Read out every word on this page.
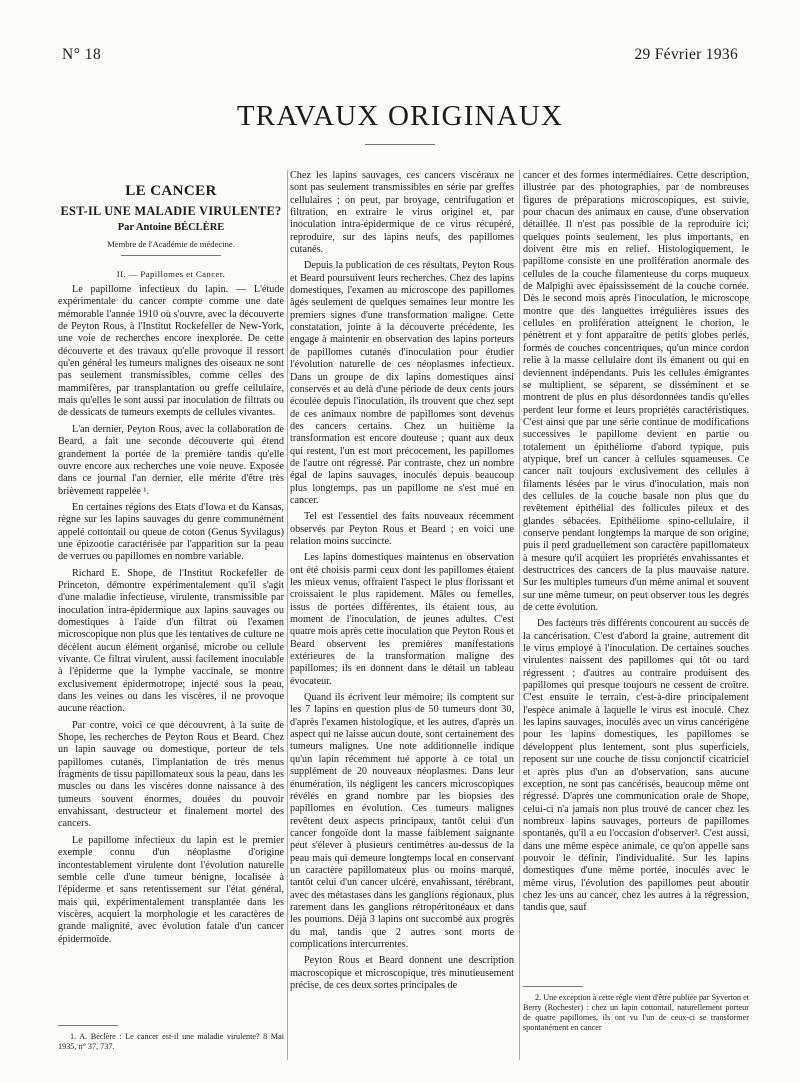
N° 18	29 Février 1936
TRAVAUX ORIGINAUX

LE CANCER

EST-IL UNE MALADIE VIRULENTE?

Par Antoine BÉCLÈRE

Membre de l'Académie de médecine.

II. — Papillomes et Cancer.

Le papillome infectieux du lapin. — L'étude expérimentale du cancer compte comme une date mémorable l'année 1910 où s'ouvre, avec la découverte de Peyton Rous, à l'Institut Rockefeller de New-York, une voie de recherches encore inexplorée. De cette découverte et des travaux qu'elle provoque il ressort qu'en général les tumeurs malignes des oiseaux ne sont pas seulement transmissibles, comme celles des mammifères, par transplantation ou greffe cellulaire, mais qu'elles le sont aussi par inoculation de filtrats ou de dessicats de tumeurs exempts de cellules vivantes.

L'an dernier, Peyton Rous, avec la collaboration de Beard, a fait une seconde découverte qui étend grandement la portée de la première tandis qu'elle ouvre encore aux recherches une voie neuve. Exposée dans ce journal l'an dernier, elle mérite d'être très brièvement rappelée ¹.

En certaines régions des Etats d'Iowa et du Kansas, règne sur les lapins sauvages du genre communément appelé cottontail ou queue de coton (Genus Syvilagus) une épizootie caractérisée par l'apparition sur la peau de verrues ou papillomes en nombre variable.

Richard E. Shope, de l'Institut Rockefeller de Princeton, démontre expérimentalement qu'il s'agit d'une maladie infectieuse, virulente, transmissible par inoculation intra-épidermique aux lapins sauvages ou domestiques à l'aide d'un filtrat où l'examen microscopique non plus que les tentatives de culture ne décèlent aucun élément organisé, microbe ou cellule vivante. Ce filtrat virulent, aussi facilement inoculable à l'épiderme que la lymphe vaccinale, se montre exclusivement épidermotrope; injecté sous la peau, dans les veines ou dans les viscères, il ne provoque aucune réaction.

Par contre, voici ce que découvrent, à la suite de Shope, les recherches de Peyton Rous et Beard. Chez un lapin sauvage ou domestique, porteur de tels papillomes cutanés, l'implantation de très menus fragments de tissu papillomateux sous la peau, dans les muscles ou dans les viscères donne naissance à des tumeurs souvent énormes, douées du pouvoir envahissant, destructeur et finalement mortel des cancers.

Le papillome infectieux du lapin est le premier exemple connu d'un néoplasme d'origine incontestablement virulente dont l'évolution naturelle semble celle d'une tumeur bénigne, localisée à l'épiderme et sans retentissement sur l'état général, mais qui, expérimentalement transplantée dans les viscères, acquiert la morphologie et les caractères de grande malignité, avec évolution fatale d'un cancer épidermoïde.

1. A. Béclère : Le cancer est-il une maladie virulente? 8 Mai 1935, n° 37, 737.

Chez les lapins sauvages, ces cancers viscéraux ne sont pas seulement transmissibles en série par greffes cellulaires ; on peut, par broyage, centrifugation et filtration, en extraire le virus originel et, par inoculation intra-épidermique de ce virus récupéré, reproduire, sur des lapins neufs, des papillomes cutanés.

Depuis la publication de ces résultats, Peyton Rous et Beard poursuivent leurs recherches. Chez des lapins domestiques, l'examen au microscope des papillomes âgés seulement de quelques semaines leur montre les premiers signes d'une transformation maligne. Cette constatation, jointe à la découverte précédente, les engage à maintenir en observation des lapins porteurs de papillomes cutanés d'inoculation pour étudier l'évolution naturelle de ces néoplasmes infectieux. Dans un groupe de dix lapins domestiques ainsi conservés et au delà d'une période de deux cents jours écoulée depuis l'inoculation, ils trouvent que chez sept de ces animaux nombre de papillomes sont devenus des cancers certains. Chez un huitième la transformation est encore douteuse ; quant aux deux qui restent, l'un est mort précocement, les papillomes de l'autre ont régressé. Par contraste, chez un nombre égal de lapins sauvages, inoculés depuis beaucoup plus longtemps, pas un papillome ne s'est mué en cancer.

Tel est l'essentiel des faits nouveaux récemment observés par Peyton Rous et Beard ; en voici une relation moins succincte.

Les lapins domestiques maintenus en observation ont été choisis parmi ceux dont les papillomes étaient les mieux venus, offraient l'aspect le plus florissant et croissaient le plus rapidement. Mâles ou femelles, issus de portées différentes, ils étaient tous, au moment de l'inoculation, de jeunes adultes. C'est quatre mois après cette inoculation que Peyton Rous et Beard observent les premières manifestations extérieures de la transformation maligne des papillomes; ils en donnent dans le détail un tableau évocateur.

Quand ils écrivent leur mémoire; ils comptent sur les 7 lapins en question plus de 50 tumeurs dont 30, d'après l'examen histologique, et les autres, d'après un aspect qui ne laisse aucun doute, sont certainement des tumeurs malignes. Une note additionnelle indique qu'un lapin récemment tué apporte à ce total un supplément de 20 nouveaux néoplasmes. Dans leur énumération, ils négligent les cancers microscopiques révélés en grand nombre par les biopsies des papillomes en évolution. Ces tumeurs malignes revêtent deux aspects principaux, tantôt celui d'un cancer fongoïde dont la masse faiblement saignante peut s'élever à plusieurs centimètres au-dessus de la peau mais qui demeure longtemps local en conservant un caractère papillomateux plus ou moins marqué, tantôt celui d'un cancer ulcéré, envahissant, térébrant, avec des métastases dans les ganglions régionaux, plus rarement dans les ganglions rétropéritonéaux et dans les poumons. Déjà 3 lapins ont succombé aux progrès du mal, tandis que 2 autres sont morts de complications intercurrentes.

Peyton Rous et Beard donnent une description macroscopique et microscopique, très minutieusement précise, de ces deux sortes principales de

cancer et des formes intermédiaires. Cette description, illustrée par des photographies, par de nombreuses figures de préparations microscopiques, est suivie, pour chacun des animaux en cause, d'une observation détaillée. Il n'est pas possible de la reproduire ici; quelques points seulement, les plus importants, en doivent être mis en relief. Histologiquement, le papillome consiste en une prolifération anormale des cellules de la couche filamenteuse du corps muqueux de Malpighi avec épaississement de la couche cornée. Dès le second mois après l'inoculation, le microscope montre que des languettes irrégulières issues des cellules en prolifération atteignent le chorion, le pénètrent et y font apparaître de petits globes perlés, formés de couches concentriques, qu'un mince cordon relie à la masse cellulaire dont ils émanent ou qui en deviennent indépendants. Puis les cellules émigrantes se multiplient, se séparent, se disséminent et se montrent de plus en plus désordonnées tandis qu'elles perdent leur forme et leurs propriétés caractéristiques. C'est ainsi que par une série continue de modifications successives le papillome devient en partie ou totalement un épithéliome d'abord typique, puis atypique, bref un cancer à cellules squameuses. Ce cancer naît toujours exclusivement des cellules à filaments lésées par le virus d'inoculation, mais non des cellules de la couche basale non plus que du revêtement épithélial des follicules pileux et des glandes sébacées. Epithéliome spino-cellulaire, il conserve pendant longtemps la marque de son origine, puis il perd graduellement son caractère papillomateux à mesure qu'il acquiert les propriétés envahissantes et destructrices des cancers de la plus mauvaise nature. Sur les multiples tumeurs d'un même animal et souvent sur une même tumeur, on peut observer tous les degrés de cette évolution.

Des facteurs très différents concourent au succès de la cancérisation. C'est d'abord la graine, autrement dit le virus employé à l'inoculation. De certaines souches virulentes naissent des papillomes qui tôt ou tard régressent ; d'autres au contraire produisent des papillomes qui presque toujours ne cessent de croître. C'est ensuite le terrain, c'est-à-dire principalement l'espèce animale à laquelle le virus est inoculé. Chez les lapins sauvages, inoculés avec un virus cancérigène pour les lapins domestiques, les papillomes se développent plus lentement, sont plus superficiels, reposent sur une couche de tissu conjonctif cicatriciel et après plus d'un an d'observation, sans aucune exception, ne sont pas cancérisés, beaucoup même ont régressé. D'après une communication orale de Shope, celui-ci n'a jamais non plus trouvé de cancer chez les nombreux lapins sauvages, porteurs de papillomes spontanés, qu'il a eu l'occasion d'observer². C'est aussi, dans une même espèce animale, ce qu'on appelle sans pouvoir le définir, l'individualité. Sur les lapins domestiques d'une même portée, inoculés avec le même virus, l'évolution des papillomes peut aboutir chez les uns au cancer, chez les autres à la régression, tandis que, sauf

2. Une exception à cette règle vient d'être publiée par Syverton et Berry (Rochester) : chez un lapin cottontail, naturellement porteur de quatre papillomes, ils ont vu l'un de ceux-ci se transformer spontanément en cancer
